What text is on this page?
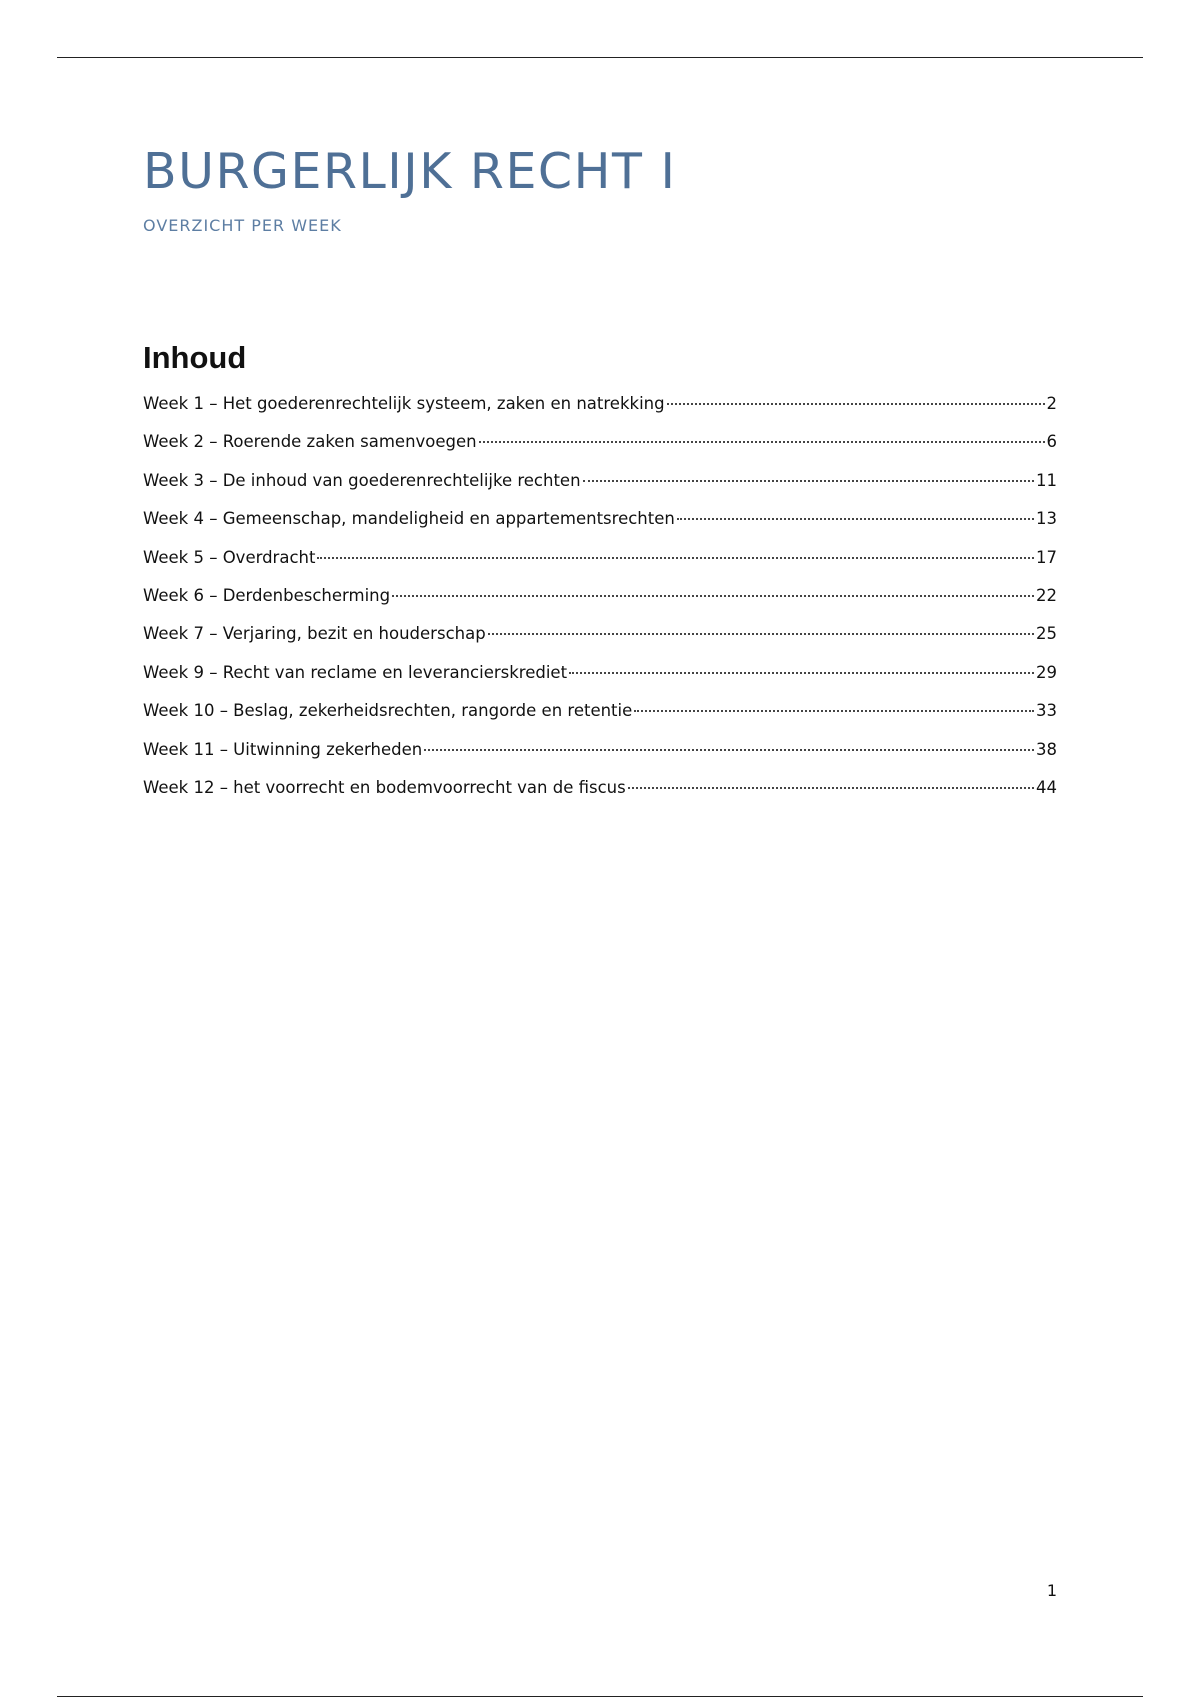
BURGERLIJK RECHT I
OVERZICHT PER WEEK
Inhoud
Week 1 – Het goederenrechtelijk systeem, zaken en natrekking	2
Week 2 – Roerende zaken samenvoegen	6
Week 3 – De inhoud van goederenrechtelijke rechten	11
Week 4 – Gemeenschap, mandeligheid en appartementsrechten	13
Week 5 – Overdracht	17
Week 6 – Derdenbescherming	22
Week 7 – Verjaring, bezit en houderschap	25
Week 9 – Recht van reclame en leverancierskrediet	29
Week 10 – Beslag, zekerheidsrechten, rangorde en retentie	33
Week 11 – Uitwinning zekerheden	38
Week 12 – het voorrecht en bodemvoorrecht van de fiscus	44
1
